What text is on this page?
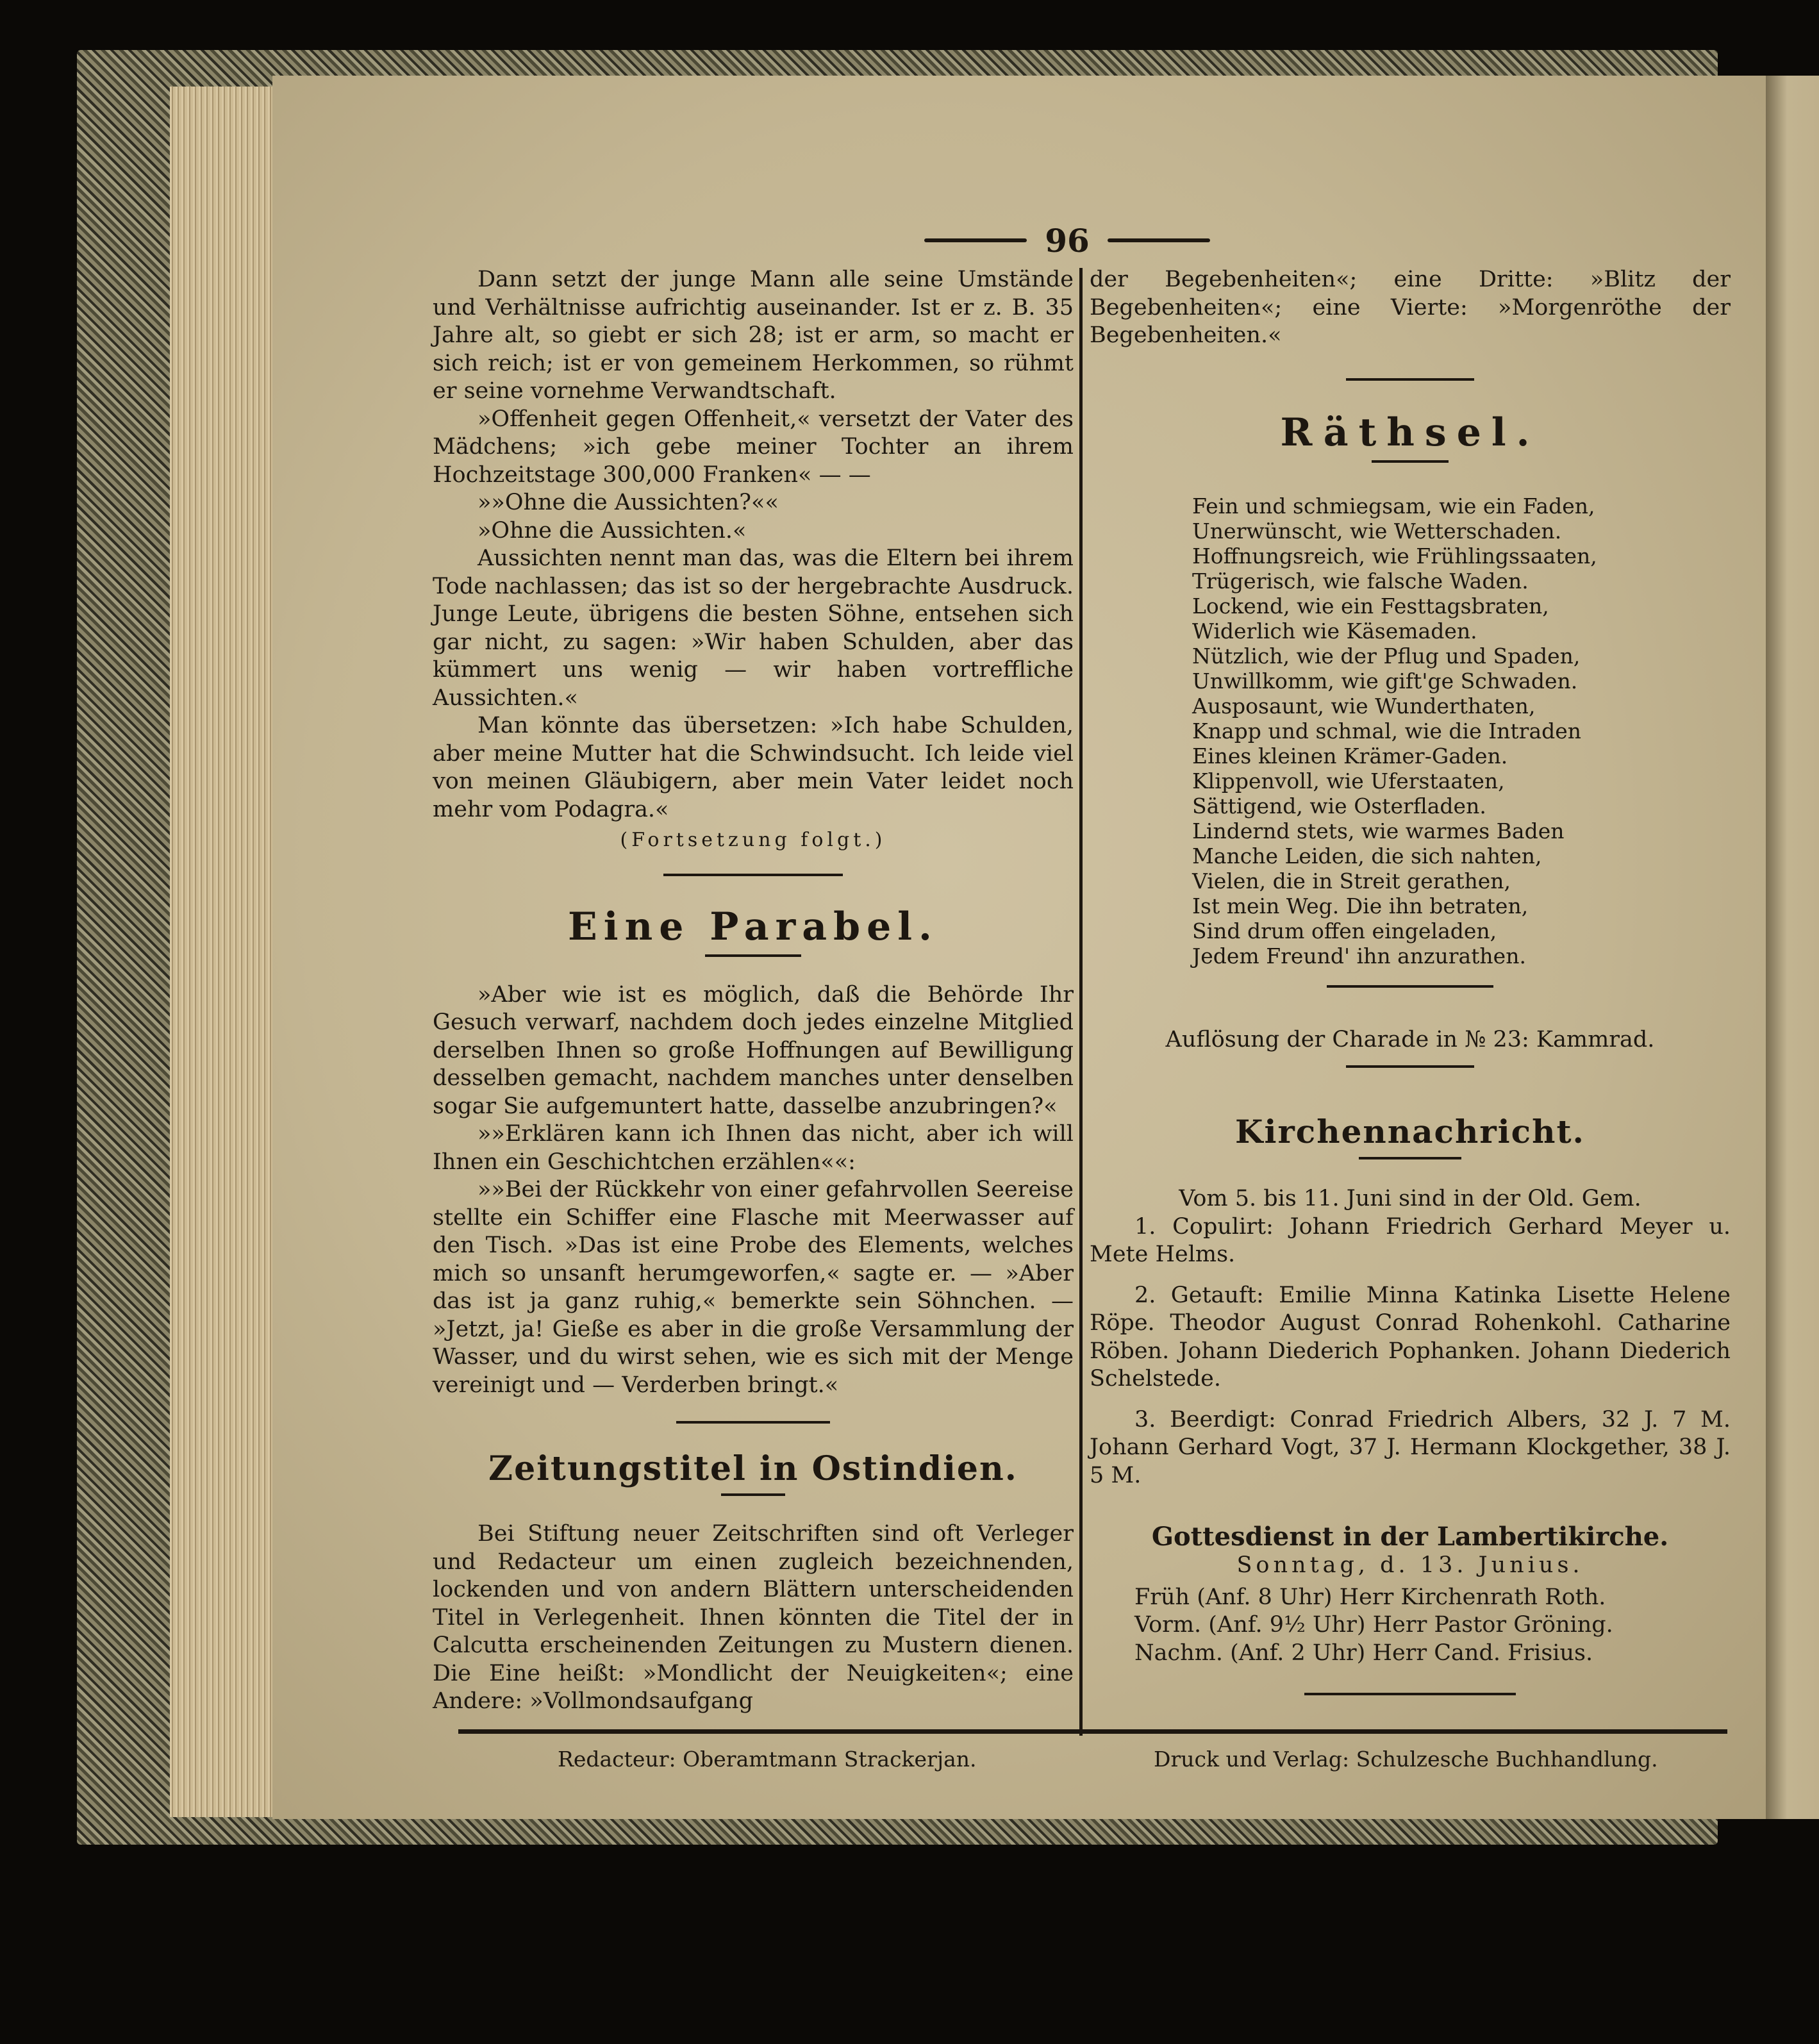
96

Dann setzt der junge Mann alle seine Umstände und Verhältnisse aufrichtig auseinander. Ist er z. B. 35 Jahre alt, so giebt er sich 28; ist er arm, so macht er sich reich; ist er von gemeinem Herkommen, so rühmt er seine vornehme Verwandtschaft.

»Offenheit gegen Offenheit,« versetzt der Vater des Mädchens; »ich gebe meiner Tochter an ihrem Hochzeitstage 300,000 Franken« — —

»»Ohne die Aussichten?««

»Ohne die Aussichten.«

Aussichten nennt man das, was die Eltern bei ihrem Tode nachlassen; das ist so der hergebrachte Ausdruck. Junge Leute, übrigens die besten Söhne, entsehen sich gar nicht, zu sagen: »Wir haben Schulden, aber das kümmert uns wenig — wir haben vortreffliche Aussichten.«

Man könnte das übersetzen: »Ich habe Schulden, aber meine Mutter hat die Schwindsucht. Ich leide viel von meinen Gläubigern, aber mein Vater leidet noch mehr vom Podagra.«

(Fortsetzung folgt.)

Eine Parabel.

»Aber wie ist es möglich, daß die Behörde Ihr Gesuch verwarf, nachdem doch jedes einzelne Mitglied derselben Ihnen so große Hoffnungen auf Bewilligung desselben gemacht, nachdem manches unter denselben sogar Sie aufgemuntert hatte, dasselbe anzubringen?«

»»Erklären kann ich Ihnen das nicht, aber ich will Ihnen ein Geschichtchen erzählen««:

»»Bei der Rückkehr von einer gefahrvollen Seereise stellte ein Schiffer eine Flasche mit Meerwasser auf den Tisch. »Das ist eine Probe des Elements, welches mich so unsanft herumgeworfen,« sagte er. — »Aber das ist ja ganz ruhig,« bemerkte sein Söhnchen. — »Jetzt, ja! Gieße es aber in die große Versammlung der Wasser, und du wirst sehen, wie es sich mit der Menge vereinigt und — Verderben bringt.«

Zeitungstitel in Ostindien.

Bei Stiftung neuer Zeitschriften sind oft Verleger und Redacteur um einen zugleich bezeichnenden, lockenden und von andern Blättern unterscheidenden Titel in Verlegenheit. Ihnen könnten die Titel der in Calcutta erscheinenden Zeitungen zu Mustern dienen. Die Eine heißt: »Mondlicht der Neuigkeiten«; eine Andere: »Vollmondsaufgang

der Begebenheiten«; eine Dritte: »Blitz der Begebenheiten«; eine Vierte: »Morgenröthe der Begebenheiten.«

Räthsel.
Fein und schmiegsam, wie ein Faden,
Unerwünscht, wie Wetterschaden.
Hoffnungsreich, wie Frühlingssaaten,
Trügerisch, wie falsche Waden.
Lockend, wie ein Festtagsbraten,
Widerlich wie Käsemaden.
Nützlich, wie der Pflug und Spaden,
Unwillkomm, wie gift'ge Schwaden.
Ausposaunt, wie Wunderthaten,
Knapp und schmal, wie die Intraden
Eines kleinen Krämer-Gaden.
Klippenvoll, wie Uferstaaten,
Sättigend, wie Osterfladen.
Lindernd stets, wie warmes Baden
Manche Leiden, die sich nahten,
Vielen, die in Streit gerathen,
Ist mein Weg. Die ihn betraten,
Sind drum offen eingeladen,
Jedem Freund' ihn anzurathen.

Auflösung der Charade in № 23: Kammrad.

Kirchennachricht.

Vom 5. bis 11. Juni sind in der Old. Gem.

1. Copulirt: Johann Friedrich Gerhard Meyer u. Mete Helms.

2. Getauft: Emilie Minna Katinka Lisette Helene Röpe. Theodor August Conrad Rohenkohl. Catharine Röben. Johann Diederich Pophanken. Johann Diederich Schelstede.

3. Beerdigt: Conrad Friedrich Albers, 32 J. 7 M. Johann Gerhard Vogt, 37 J. Hermann Klockgether, 38 J. 5 M.

Gottesdienst in der Lambertikirche.

Sonntag, d. 13. Junius.

Früh (Anf. 8 Uhr) Herr Kirchenrath Roth.

Vorm. (Anf. 9½ Uhr) Herr Pastor Gröning.

Nachm. (Anf. 2 Uhr) Herr Cand. Frisius.

Redacteur: Oberamtmann Strackerjan.	Druck und Verlag: Schulzesche Buchhandlung.
